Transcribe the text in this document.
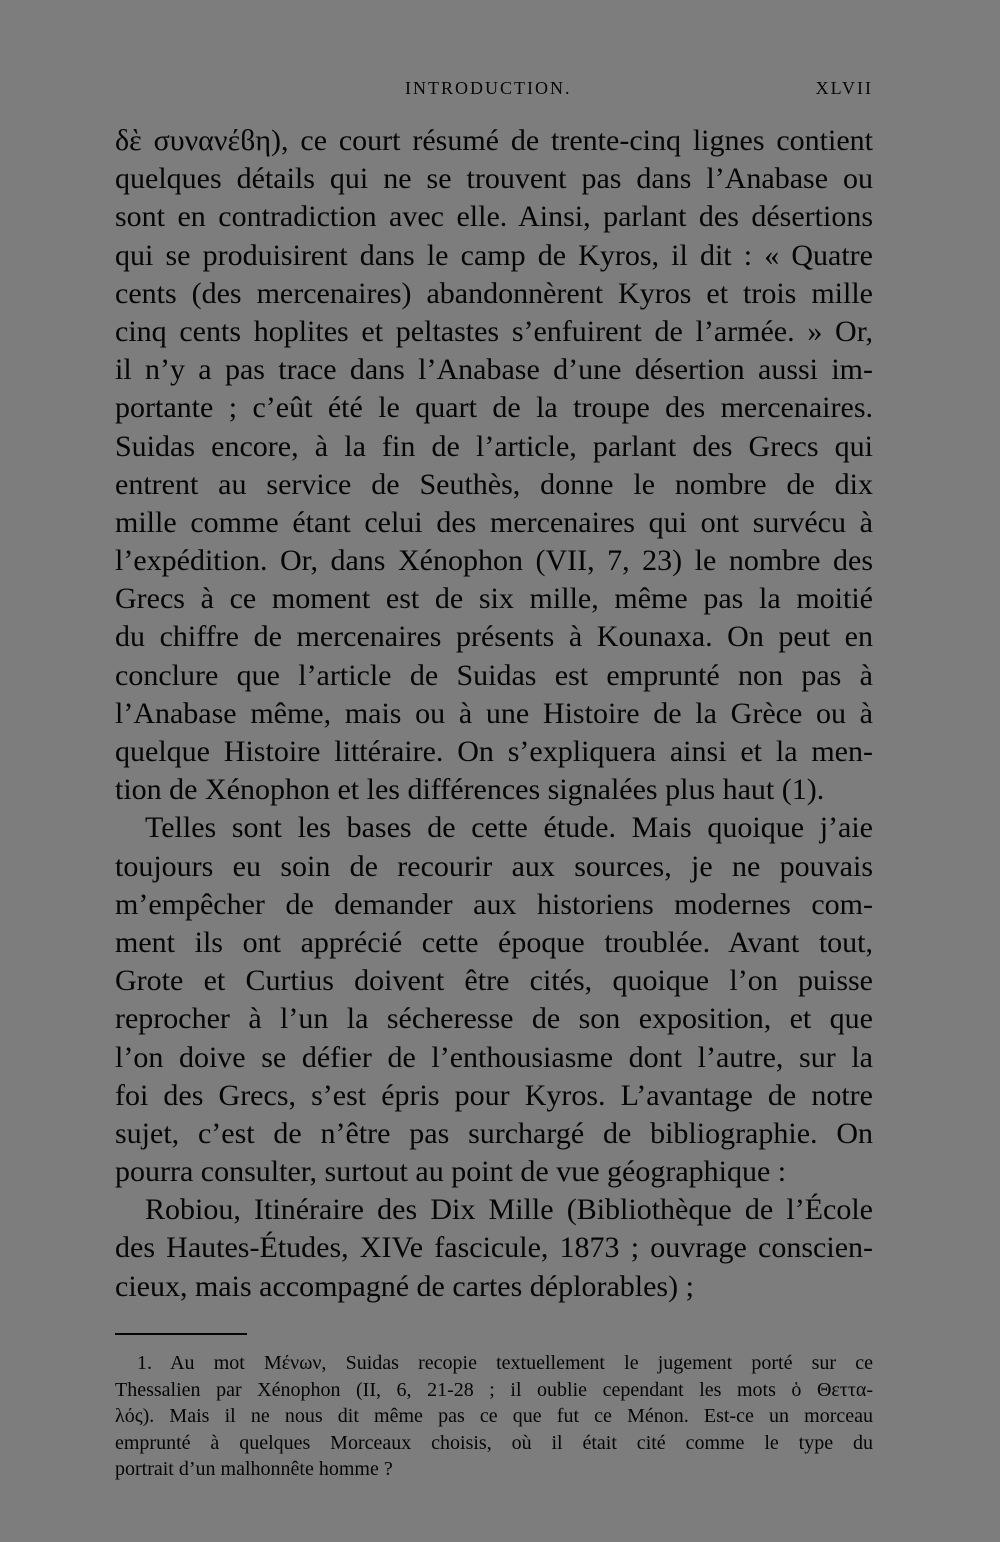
INTRODUCTION.	XLVII
δὲ συνανέϐη), ce court résumé de trente-cinq lignes contient
quelques détails qui ne se trouvent pas dans l’Anabase ou
sont en contradiction avec elle. Ainsi, parlant des désertions
qui se produisirent dans le camp de Kyros, il dit : « Quatre
cents (des mercenaires) abandonnèrent Kyros et trois mille
cinq cents hoplites et peltastes s’enfuirent de l’armée. » Or,
il n’y a pas trace dans l’Anabase d’une désertion aussi im-
portante ; c’eût été le quart de la troupe des mercenaires.
Suidas encore, à la fin de l’article, parlant des Grecs qui
entrent au service de Seuthès, donne le nombre de dix
mille comme étant celui des mercenaires qui ont survécu à
l’expédition. Or, dans Xénophon (VII, 7, 23) le nombre des
Grecs à ce moment est de six mille, même pas la moitié
du chiffre de mercenaires présents à Kounaxa. On peut en
conclure que l’article de Suidas est emprunté non pas à
l’Anabase même, mais ou à une Histoire de la Grèce ou à
quelque Histoire littéraire. On s’expliquera ainsi et la men-
tion de Xénophon et les différences signalées plus haut (1).
Telles sont les bases de cette étude. Mais quoique j’aie
toujours eu soin de recourir aux sources, je ne pouvais
m’empêcher de demander aux historiens modernes com-
ment ils ont apprécié cette époque troublée. Avant tout,
Grote et Curtius doivent être cités, quoique l’on puisse
reprocher à l’un la sécheresse de son exposition, et que
l’on doive se défier de l’enthousiasme dont l’autre, sur la
foi des Grecs, s’est épris pour Kyros. L’avantage de notre
sujet, c’est de n’être pas surchargé de bibliographie. On
pourra consulter, surtout au point de vue géographique :
Robiou, Itinéraire des Dix Mille (Bibliothèque de l’École
des Hautes-Études, XIVe fascicule, 1873 ; ouvrage conscien-
cieux, mais accompagné de cartes déplorables) ;
1. Au mot Μένων, Suidas recopie textuellement le jugement porté sur ce
Thessalien par Xénophon (II, 6, 21-28 ; il oublie cependant les mots ὁ Θεττα-
λός). Mais il ne nous dit même pas ce que fut ce Ménon. Est-ce un morceau
emprunté à quelques Morceaux choisis, où il était cité comme le type du
portrait d’un malhonnête homme ?
